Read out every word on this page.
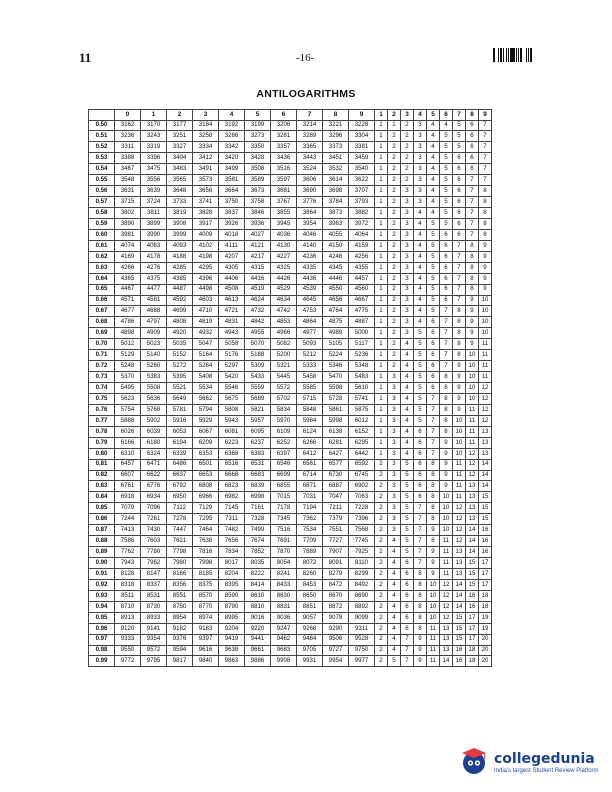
11	-16-
ANTILOGARITHMS
	0	1	2	3	4	5	6	7	8	9	1	2	3	4	5	6	7	8	9
0.50	3162	3170	3177	3184	3192	3199	3206	3214	3221	3228	1	1	2	3	4	4	5	6	7
0.51	3236	3243	3251	3258	3266	3273	3281	3289	3296	3304	1	2	2	3	4	5	5	6	7
0.52	3311	3319	3327	3334	3342	3350	3357	3365	3373	3381	1	2	2	3	4	5	5	6	7
0.53	3388	3396	3404	3412	3420	3428	3436	3443	3451	3459	1	2	2	3	4	5	6	6	7
0.54	3467	3475	3483	3491	3499	3508	3516	3524	3532	3540	1	2	2	3	4	5	6	6	7
0.55	3548	3556	3565	3573	3581	3589	3597	3606	3614	3622	1	2	2	3	4	5	6	7	7
0.56	3631	3639	3648	3656	3664	3673	3681	3690	3698	3707	1	2	3	3	4	5	6	7	8
0.57	3715	3724	3733	3741	3750	3758	3767	3776	3784	3793	1	2	3	3	4	5	6	7	8
0.58	3802	3811	3819	3828	3837	3846	3855	3864	3873	3882	1	2	3	4	4	5	6	7	8
0.59	3890	3899	3908	3917	3926	3936	3945	3954	3963	3972	1	2	3	4	5	5	6	7	8
0.60	3981	3990	3999	4009	4018	4027	4036	4046	4055	4064	1	2	3	4	5	6	6	7	8
0.61	4074	4083	4093	4102	4111	4121	4130	4140	4150	4159	1	2	3	4	5	6	7	8	9
0.62	4169	4178	4188	4198	4207	4217	4227	4236	4246	4256	1	2	3	4	5	6	7	8	9
0.63	4266	4276	4285	4295	4305	4315	4325	4335	4345	4355	1	2	3	4	5	6	7	8	9
0.64	4365	4375	4385	4396	4406	4416	4426	4436	4446	4457	1	2	3	4	5	6	7	8	9
0.65	4467	4477	4487	4498	4508	4519	4529	4539	4550	4560	1	2	3	4	5	6	7	8	9
0.66	4571	4581	4592	4603	4613	4624	4634	4645	4656	4667	1	2	3	4	5	6	7	9	10
0.67	4677	4688	4699	4710	4721	4732	4742	4753	4764	4775	1	2	3	4	5	7	8	9	10
0.68	4786	4797	4808	4819	4831	4842	4853	4864	4875	4887	1	2	3	4	6	7	8	9	10
0.69	4898	4909	4920	4932	4943	4955	4966	4977	4989	5000	1	2	3	5	6	7	8	9	10
0.70	5012	5023	5035	5047	5058	5070	5082	5093	5105	5117	1	2	4	5	6	7	8	9	11
0.71	5129	5140	5152	5164	5176	5188	5200	5212	5224	5236	1	2	4	5	6	7	8	10	11
0.72	5248	5260	5272	5284	5297	5309	5321	5333	5346	5348	1	2	4	5	6	7	9	10	11
0.73	5370	5383	5395	5408	5420	5433	5445	5458	5470	5483	1	3	4	5	6	8	9	10	11
0.74	5495	5508	5521	5534	5546	5559	5572	5585	5598	5610	1	3	4	5	6	8	9	10	12
0.75	5623	5636	5649	5662	5675	5689	5702	5715	5728	5741	1	3	4	5	7	8	9	10	12
0.76	5754	5768	5781	5794	5808	5821	5834	5848	5861	5875	1	3	4	5	7	8	9	11	12
0.77	5888	5902	5916	5929	5943	5957	5970	5984	5998	6012	1	3	4	5	7	8	10	11	12
0.78	6026	6039	6053	6067	6081	6095	6109	6124	6138	6152	1	3	4	6	7	8	10	11	13
0.79	6166	6180	6194	6209	6223	6237	6252	6266	6281	6295	1	3	4	6	7	9	10	11	13
0.80	6310	6324	6339	6353	6368	6383	6397	6412	6427	6442	1	3	4	6	7	9	10	12	13
0.81	6457	6471	6486	6501	6516	6531	6546	6561	6577	6592	2	3	5	6	8	9	11	12	14
0.82	6607	6622	6637	6653	6668	6683	6699	6714	6730	6745	2	3	5	6	8	9	11	12	14
0.83	6761	6776	6792	6808	6823	6839	6855	6871	6887	6902	2	3	5	6	8	9	11	13	14
0.84	6918	6934	6950	6966	6982	6998	7015	7031	7047	7063	2	3	5	6	8	10	11	13	15
0.85	7079	7096	7112	7129	7145	7161	7178	7194	7211	7228	2	3	5	7	8	10	12	13	15
0.86	7244	7261	7278	7295	7311	7328	7345	7362	7379	7396	2	3	5	7	8	10	12	13	15
0.87	7413	7430	7447	7464	7482	7499	7516	7534	7551	7568	2	3	5	7	9	10	12	14	16
0.88	7586	7603	7621	7638	7656	7674	7691	7709	7727	7745	2	4	5	7	8	11	12	14	16
0.89	7762	7780	7798	7816	7834	7852	7870	7889	7907	7925	2	4	5	7	9	11	13	14	16
0.90	7943	7962	7980	7998	8017	8035	8054	8072	8091	8110	2	4	6	7	9	11	13	15	17
0.91	8128	8147	8166	8185	8204	8222	8241	8260	8279	8299	2	4	6	8	9	11	13	15	17
0.92	8318	8337	8356	8375	8395	8414	8433	8453	8472	8492	2	4	6	8	10	12	14	15	17
0.93	8511	8531	8551	8570	8590	8610	8630	8650	8670	8690	2	4	6	8	10	12	14	16	18
0.94	8710	8730	8750	8770	8790	8810	8831	8851	8872	8892	2	4	6	8	10	12	14	16	18
0.95	8913	8933	8954	8974	8995	9016	9036	9057	9078	9099	2	4	6	8	10	12	15	17	19
0.96	9120	9141	9162	9183	9204	9220	9247	9268	9290	9311	2	4	6	8	11	13	15	17	19
0.97	9333	9354	9376	9397	9419	9441	9462	9484	9506	9528	2	4	7	9	11	13	15	17	20
0.98	9550	9572	9594	9616	9638	9661	9683	9705	9727	9750	2	4	7	9	11	13	16	18	20
0.99	9772	9795	9817	9840	9863	9886	9908	9931	9954	9977	2	5	7	9	11	14	16	18	20
collegedunia
India's largest Student Review Platform
